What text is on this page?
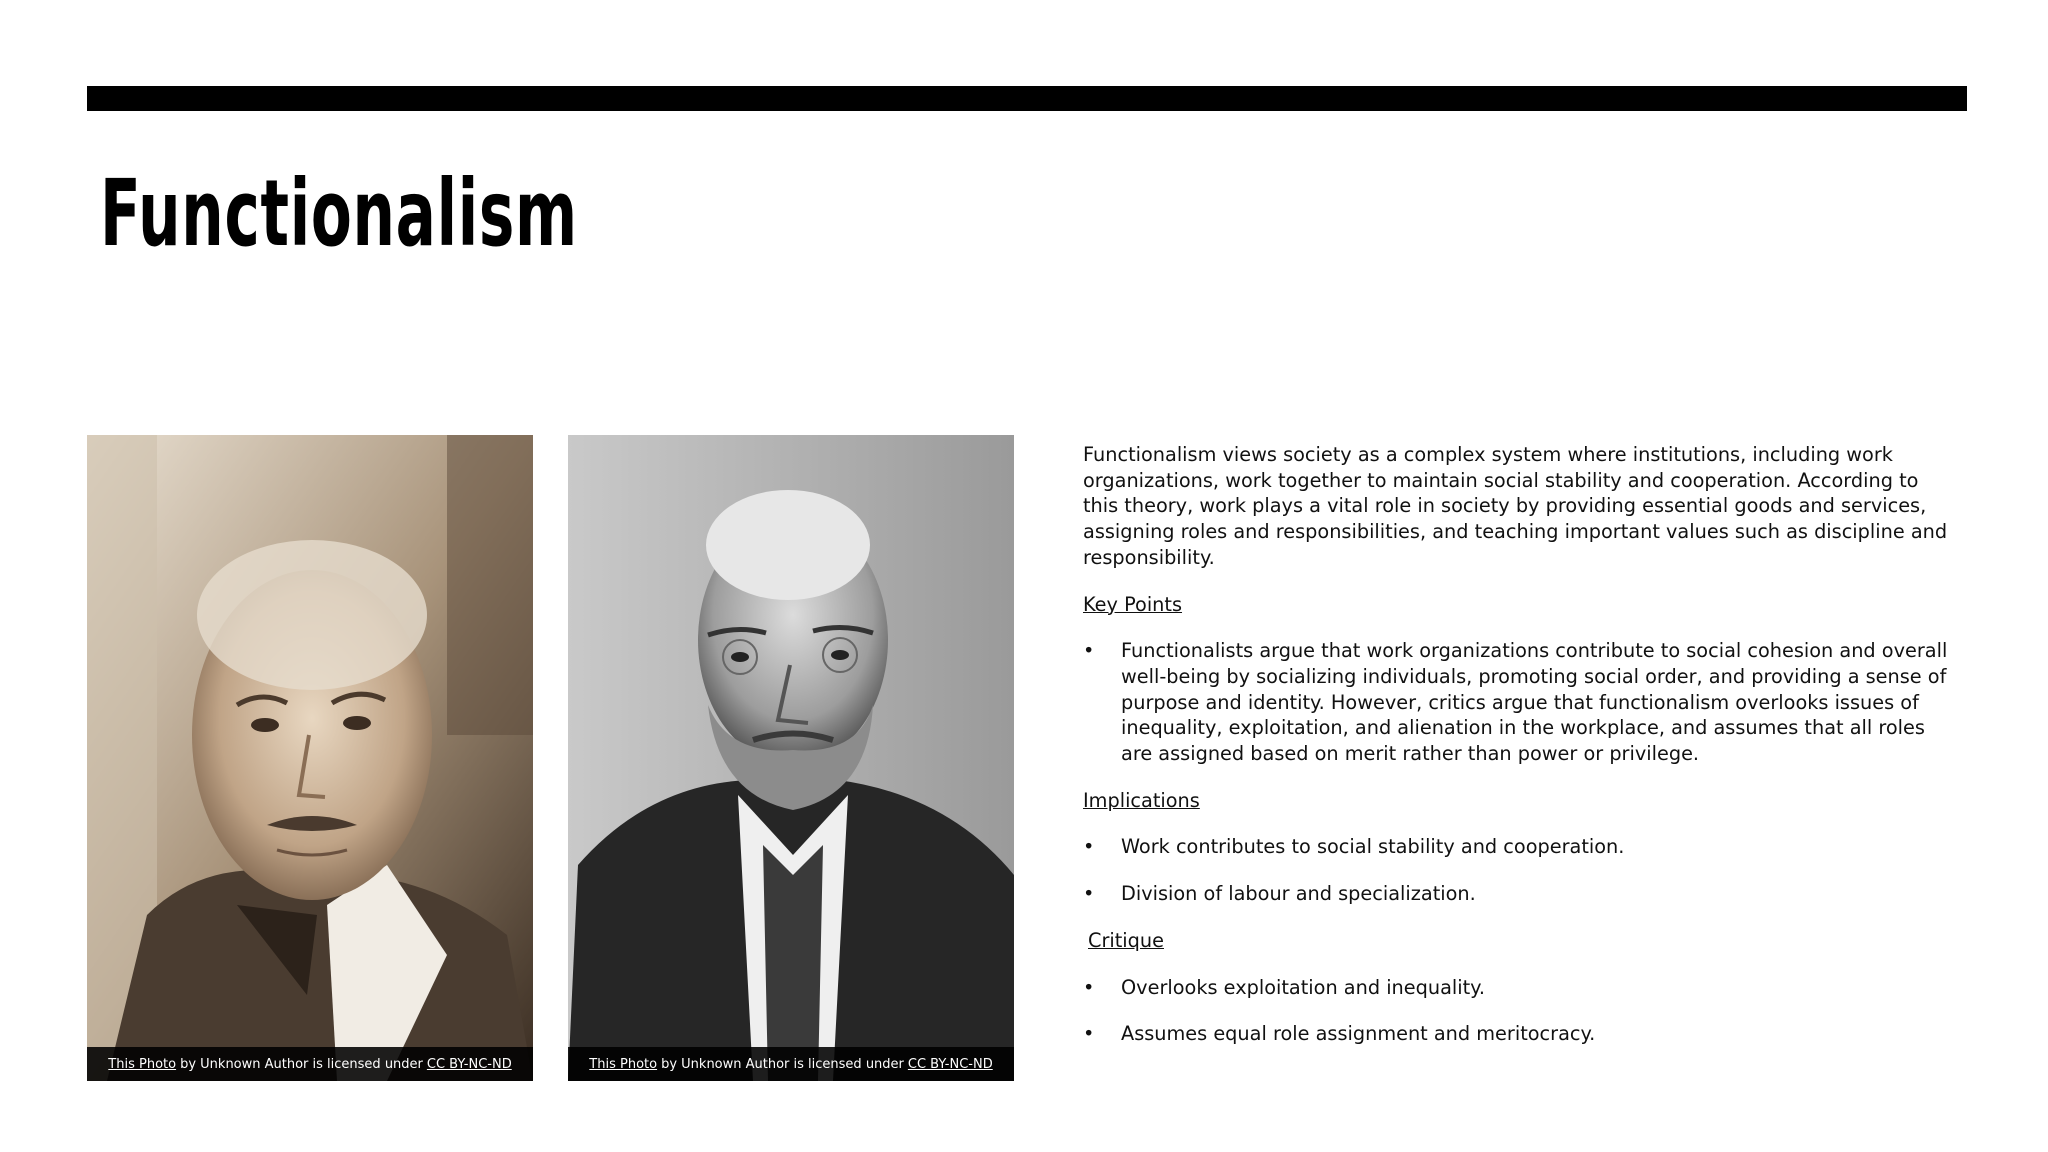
Functionalism
This Photo by Unknown Author is licensed under CC BY-NC-ND	This Photo by Unknown Author is licensed under CC BY-NC-ND

Functionalism views society as a complex system where institutions, including work organizations, work together to maintain social stability and cooperation. According to this theory, work plays a vital role in society by providing essential goods and services, assigning roles and responsibilities, and teaching important values such as discipline and responsibility.

Key Points

•	Functionalists argue that work organizations contribute to social cohesion and overall well-being by socializing individuals, promoting social order, and providing a sense of purpose and identity. However, critics argue that functionalism overlooks issues of inequality, exploitation, and alienation in the workplace, and assumes that all roles are assigned based on merit rather than power or privilege.

Implications

•	Work contributes to social stability and cooperation.
•	Division of labour and specialization.

Critique

•	Overlooks exploitation and inequality.
•	Assumes equal role assignment and meritocracy.
